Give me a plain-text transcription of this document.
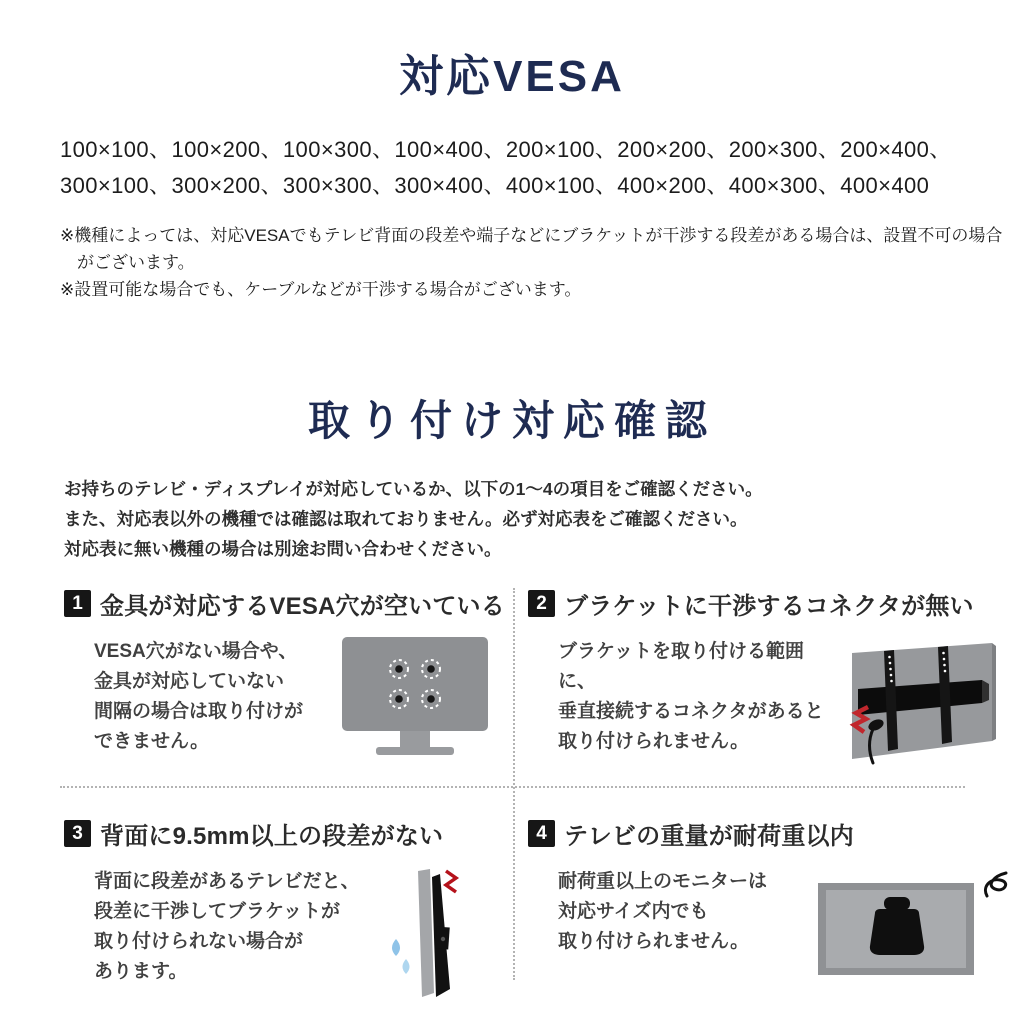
対応VESA
100×100、100×200、100×300、100×400、200×100、200×200、200×300、200×400、
300×100、300×200、300×300、300×400、400×100、400×200、400×300、400×400
※機種によっては、対応VESAでもテレビ背面の段差や端子などにブラケットが干渉する段差がある場合は、設置不可の場合がございます。
※設置可能な場合でも、ケーブルなどが干渉する場合がございます。
取り付け対応確認
お持ちのテレビ・ディスプレイが対応しているか、以下の1〜4の項目をご確認ください。
また、対応表以外の機種では確認は取れておりません。必ず対応表をご確認ください。
対応表に無い機種の場合は別途お問い合わせください。
1 金具が対応するVESA穴が空いている
VESA穴がない場合や、
金具が対応していない
間隔の場合は取り付けが
できません。
2 ブラケットに干渉するコネクタが無い
ブラケットを取り付ける範囲に、
垂直接続するコネクタがあると
取り付けられません。
3 背面に9.5mm以上の段差がない
背面に段差があるテレビだと、
段差に干渉してブラケットが
取り付けられない場合が
あります。
4 テレビの重量が耐荷重以内
耐荷重以上のモニターは
対応サイズ内でも
取り付けられません。
